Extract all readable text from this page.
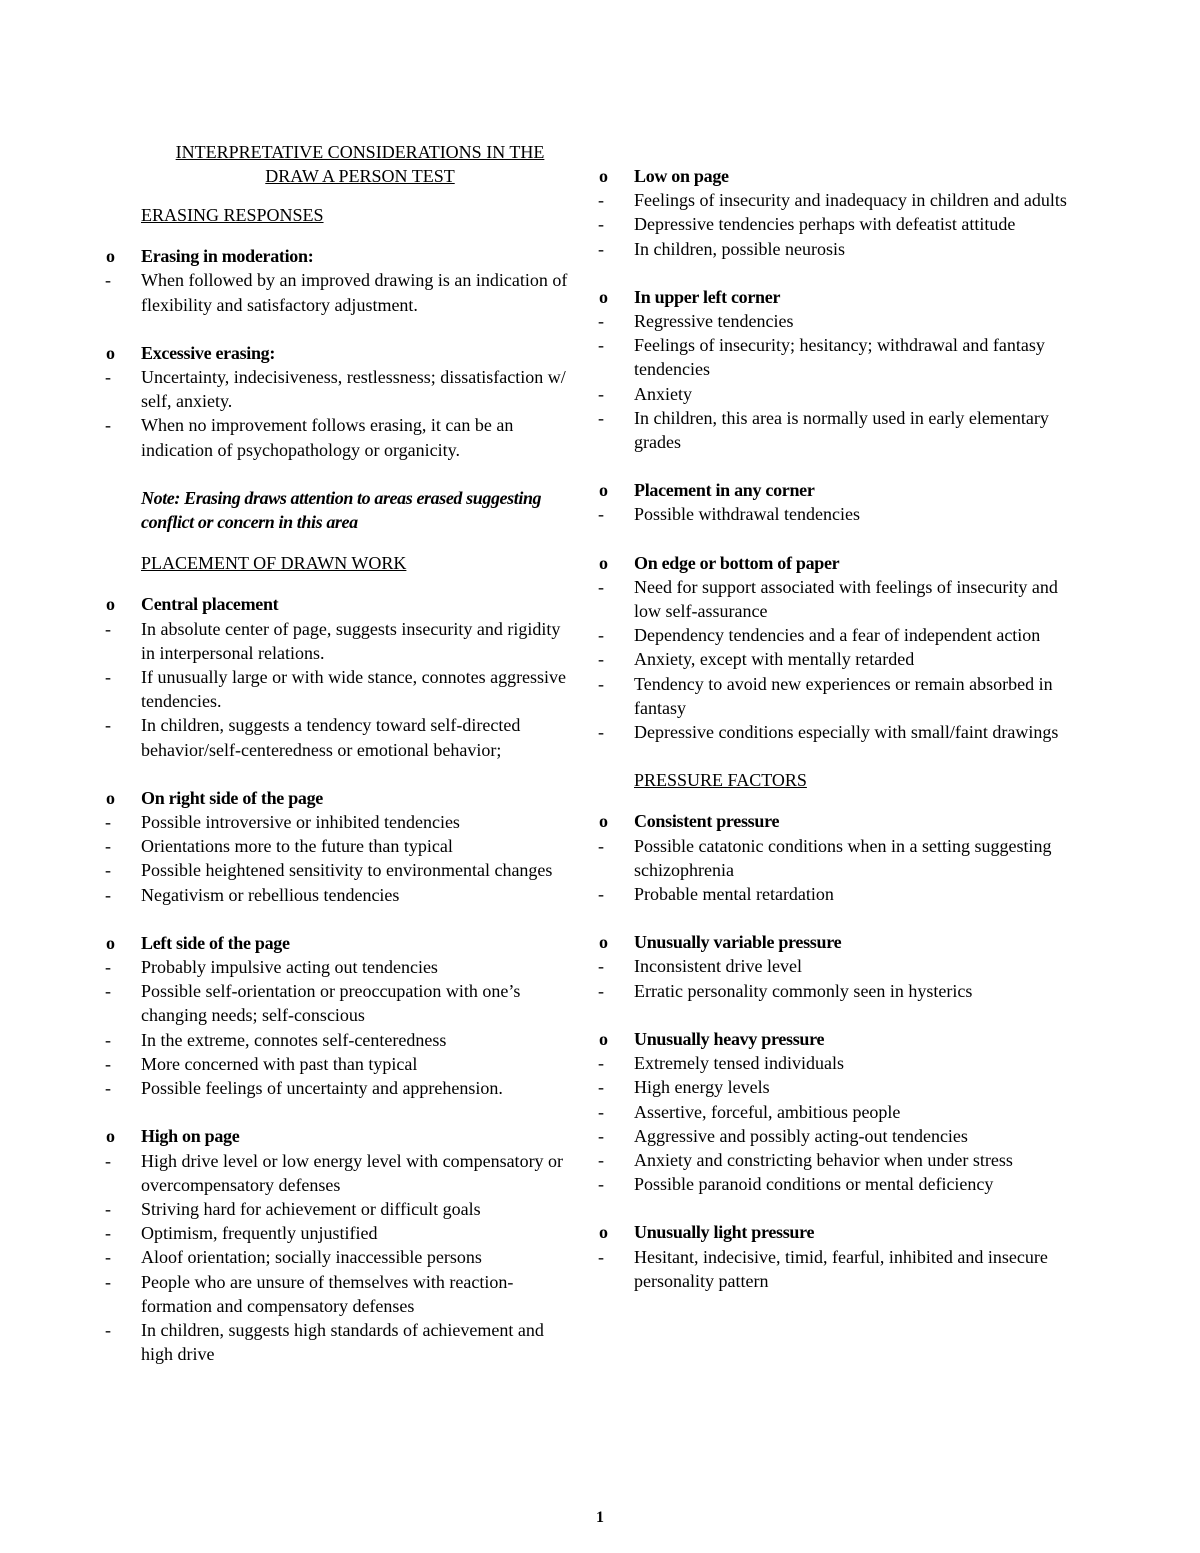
INTERPRETATIVE CONSIDERATIONS IN THE
DRAW A PERSON TEST
ERASING RESPONSES
o Erasing in moderation:
- When followed by an improved drawing is an indication of flexibility and satisfactory adjustment.
o Excessive erasing:
- Uncertainty, indecisiveness, restlessness; dissatisfaction w/ self, anxiety.
- When no improvement follows erasing, it can be an indication of psychopathology or organicity.
Note: Erasing draws attention to areas erased suggesting conflict or concern in this area
PLACEMENT OF DRAWN WORK
o Central placement
- In absolute center of page, suggests insecurity and rigidity in interpersonal relations.
- If unusually large or with wide stance, connotes aggressive tendencies.
- In children, suggests a tendency toward self-directed behavior/self-centeredness or emotional behavior;
o On right side of the page
- Possible introversive or inhibited tendencies
- Orientations more to the future than typical
- Possible heightened sensitivity to environmental changes
- Negativism or rebellious tendencies
o Left side of the page
- Probably impulsive acting out tendencies
- Possible self-orientation or preoccupation with one’s changing needs; self-conscious
- In the extreme, connotes self-centeredness
- More concerned with past than typical
- Possible feelings of uncertainty and apprehension.
o High on page
- High drive level or low energy level with compensatory or overcompensatory defenses
- Striving hard for achievement or difficult goals
- Optimism, frequently unjustified
- Aloof orientation; socially inaccessible persons
- People who are unsure of themselves with reaction-formation and compensatory defenses
- In children, suggests high standards of achievement and high drive
o Low on page
- Feelings of insecurity and inadequacy in children and adults
- Depressive tendencies perhaps with defeatist attitude
- In children, possible neurosis
o In upper left corner
- Regressive tendencies
- Feelings of insecurity; hesitancy; withdrawal and fantasy tendencies
- Anxiety
- In children, this area is normally used in early elementary grades
o Placement in any corner
- Possible withdrawal tendencies
o On edge or bottom of paper
- Need for support associated with feelings of insecurity and low self-assurance
- Dependency tendencies and a fear of independent action
- Anxiety, except with mentally retarded
- Tendency to avoid new experiences or remain absorbed in fantasy
- Depressive conditions especially with small/faint drawings
PRESSURE FACTORS
o Consistent pressure
- Possible catatonic conditions when in a setting suggesting schizophrenia
- Probable mental retardation
o Unusually variable pressure
- Inconsistent drive level
- Erratic personality commonly seen in hysterics
o Unusually heavy pressure
- Extremely tensed individuals
- High energy levels
- Assertive, forceful, ambitious people
- Aggressive and possibly acting-out tendencies
- Anxiety and constricting behavior when under stress
- Possible paranoid conditions or mental deficiency
o Unusually light pressure
- Hesitant, indecisive, timid, fearful, inhibited and insecure personality pattern
1
